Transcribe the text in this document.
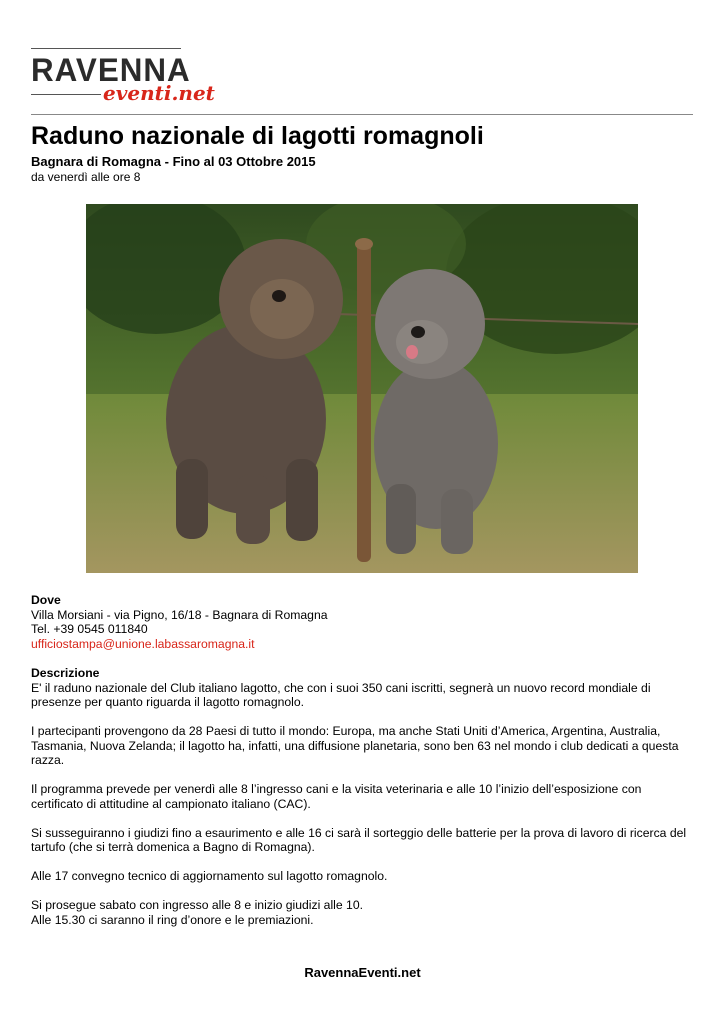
RAVENNA
eventi.net
Raduno nazionale di lagotti romagnoli
Bagnara di Romagna - Fino al 03 Ottobre 2015
da venerdì alle ore 8
Dove
Villa Morsiani - via Pigno, 16/18 - Bagnara di Romagna
Tel. +39 0545 011840
ufficiostampa@unione.labassaromagna.it
Descrizione

E' il raduno nazionale del Club italiano lagotto, che con i suoi 350 cani iscritti, segnerà un nuovo record mondiale di presenze per quanto riguarda il lagotto romagnolo.

I partecipanti provengono da 28 Paesi di tutto il mondo: Europa, ma anche Stati Uniti d’America, Argentina, Australia, Tasmania, Nuova Zelanda; il lagotto ha, infatti, una diffusione planetaria, sono ben 63 nel mondo i club dedicati a questa razza.

Il programma prevede per venerdì alle 8 l’ingresso cani e la visita veterinaria e alle 10 l’inizio dell’esposizione con certificato di attitudine al campionato italiano (CAC).

Si susseguiranno i giudizi fino a esaurimento e alle 16 ci sarà il sorteggio delle batterie per la prova di lavoro di ricerca del tartufo (che si terrà domenica a Bagno di Romagna).

Alle 17 convegno tecnico di aggiornamento sul lagotto romagnolo.

Si prosegue sabato con ingresso alle 8 e inizio giudizi alle 10.
Alle 15.30 ci saranno il ring d’onore e le premiazioni.
RavennaEventi.net
